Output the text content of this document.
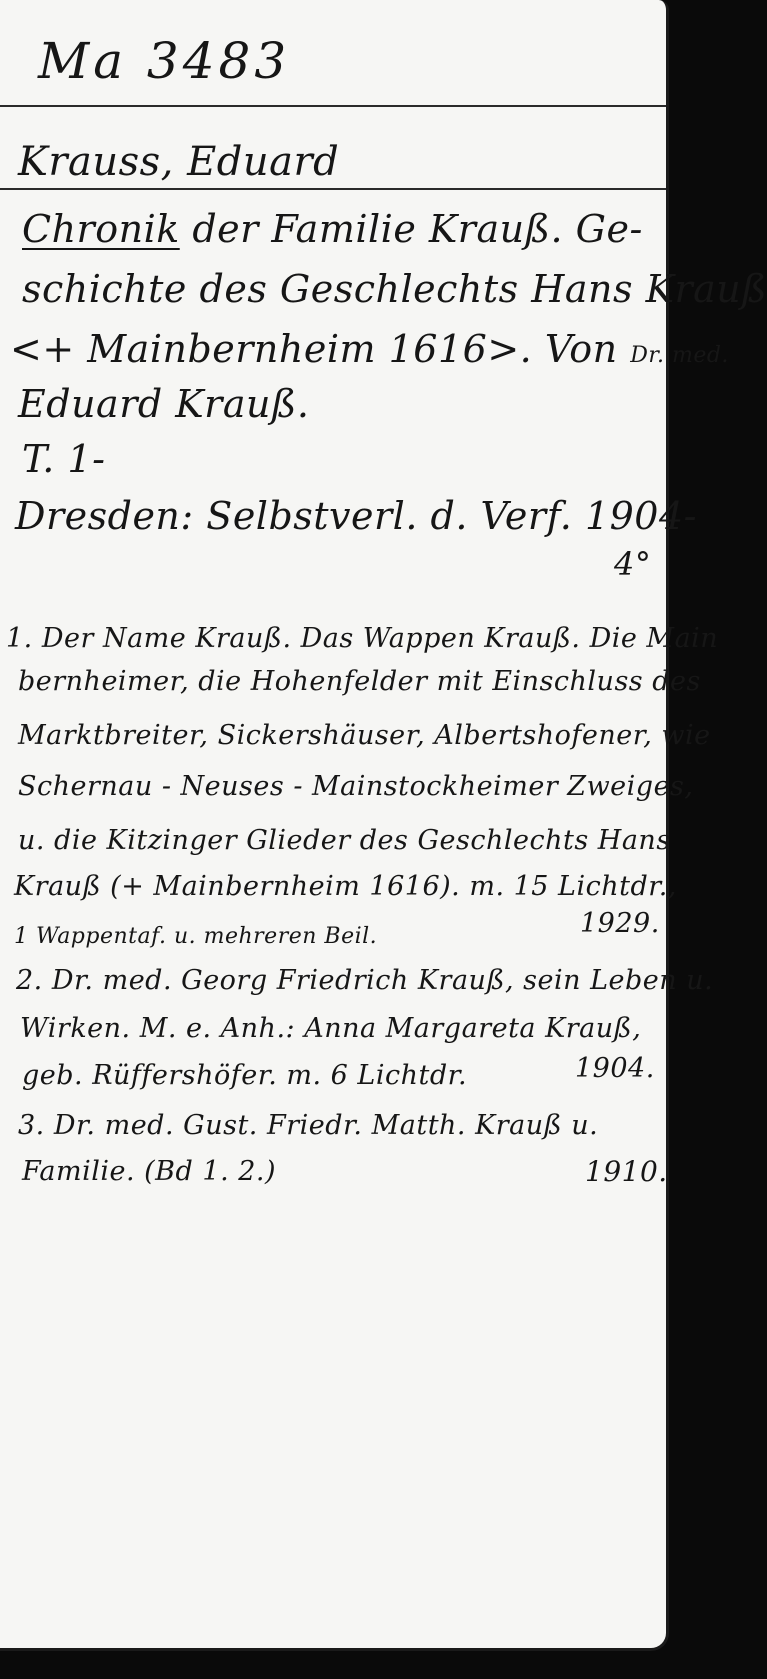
Ma 3483
Krauss, Eduard
Chronik der Familie Krauß. Ge-
schichte des Geschlechts Hans Krauß
<+ Mainbernheim 1616>. Von Dr. med.
Eduard Krauß.
T. 1-
Dresden: Selbstverl. d. Verf. 1904-
4°
1. Der Name Krauß. Das Wappen Krauß. Die Main
bernheimer, die Hohenfelder mit Einschluss des
Marktbreiter, Sickershäuser, Albertshofener, wie
Schernau - Neuses - Mainstockheimer Zweiges,
u. die Kitzinger Glieder des Geschlechts Hans
Krauß (+ Mainbernheim 1616). m. 15 Lichtdr.,
1 Wappentaf. u. mehreren Beil.	1929.
2. Dr. med. Georg Friedrich Krauß, sein Leben u.
Wirken. M. e. Anh.: Anna Margareta Krauß,
geb. Rüffershöfer. m. 6 Lichtdr.	1904.
3. Dr. med. Gust. Friedr. Matth. Krauß u.
Familie. (Bd 1. 2.)	1910.
